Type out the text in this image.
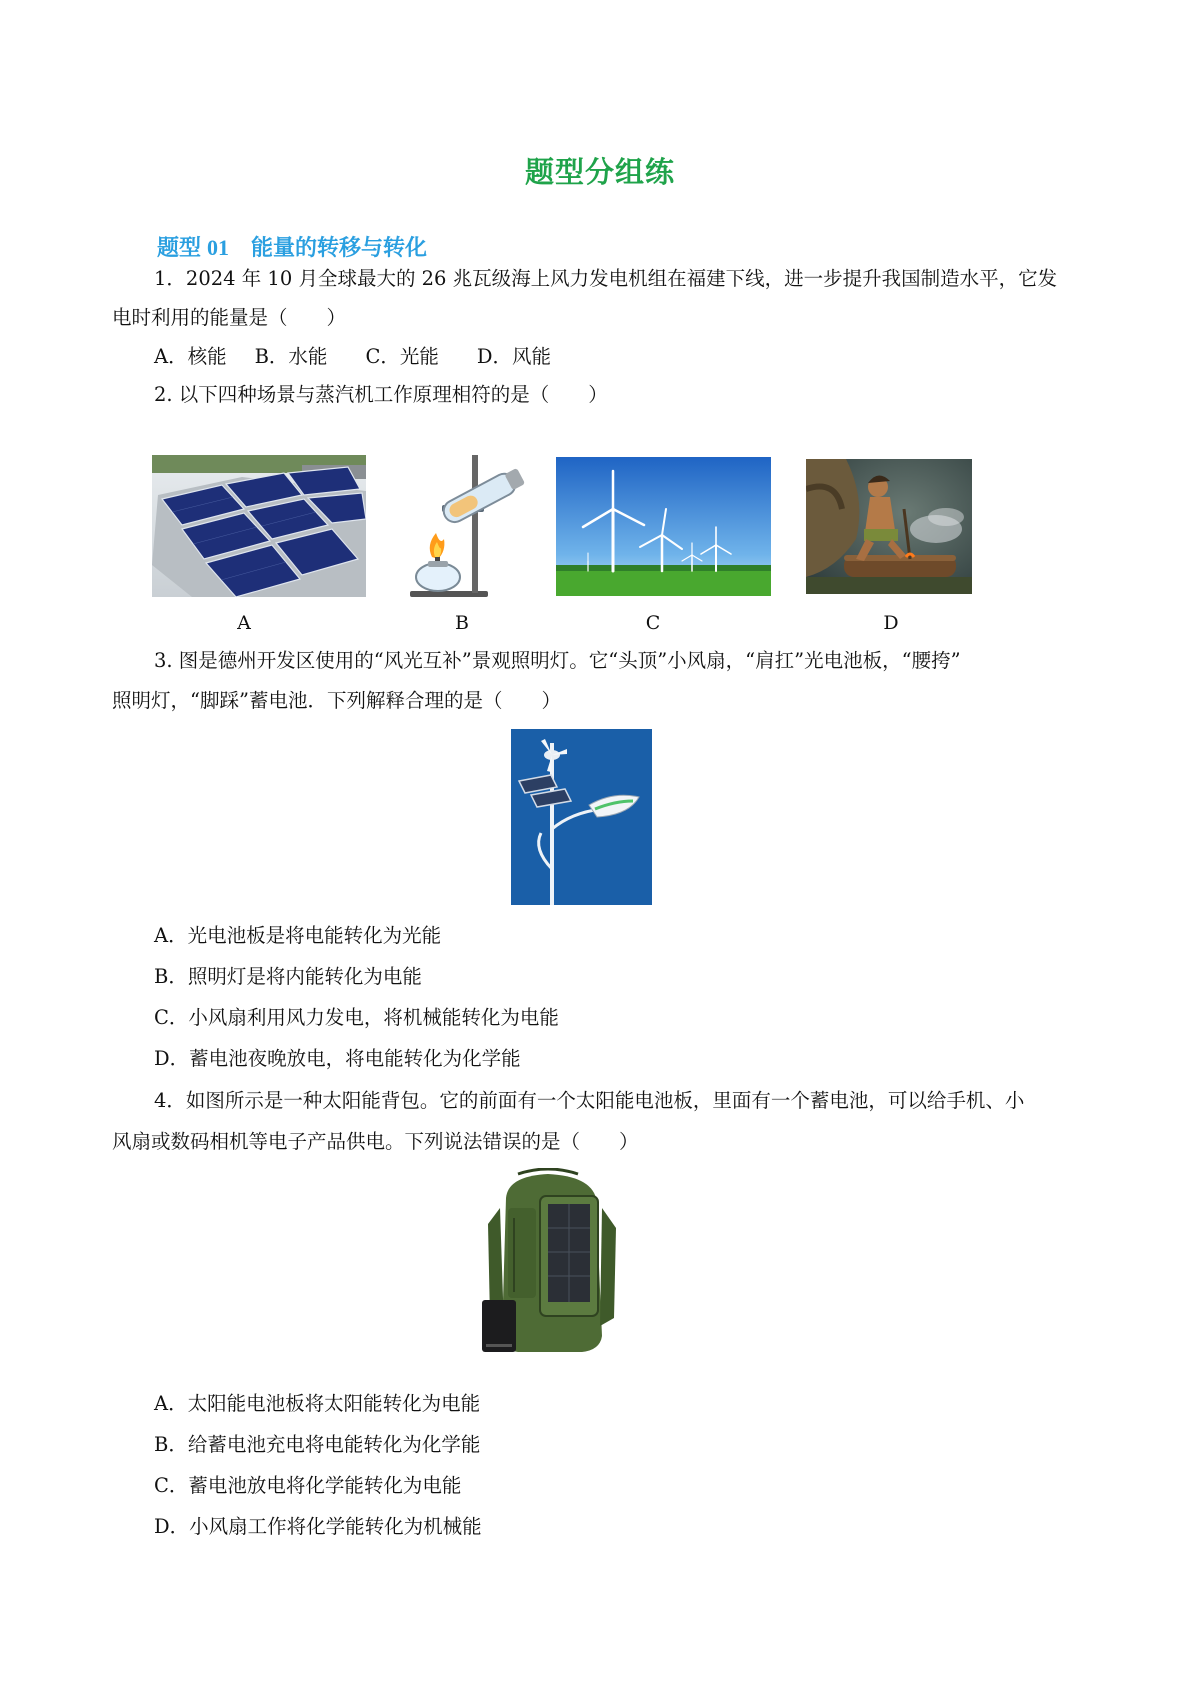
题型分组练
题型 01 能量的转移与转化
1．2024 年 10 月全球最大的 26 兆瓦级海上风力发电机组在福建下线，进一步提升我国制造水平，它发
电时利用的能量是（　　）
A．核能 B．水能 C．光能 D．风能
2. 以下四种场景与蒸汽机工作原理相符的是（　　）
A	B	C	D
3. 图是德州开发区使用的“风光互补”景观照明灯。它“头顶”小风扇，“肩扛”光电池板，“腰挎”
照明灯，“脚踩”蓄电池．下列解释合理的是（　　）
A．光电池板是将电能转化为光能
B．照明灯是将内能转化为电能
C．小风扇利用风力发电，将机械能转化为电能
D．蓄电池夜晚放电，将电能转化为化学能
4．如图所示是一种太阳能背包。它的前面有一个太阳能电池板，里面有一个蓄电池，可以给手机、小
风扇或数码相机等电子产品供电。下列说法错误的是（　　）
A．太阳能电池板将太阳能转化为电能
B．给蓄电池充电将电能转化为化学能
C．蓄电池放电将化学能转化为电能
D．小风扇工作将化学能转化为机械能
